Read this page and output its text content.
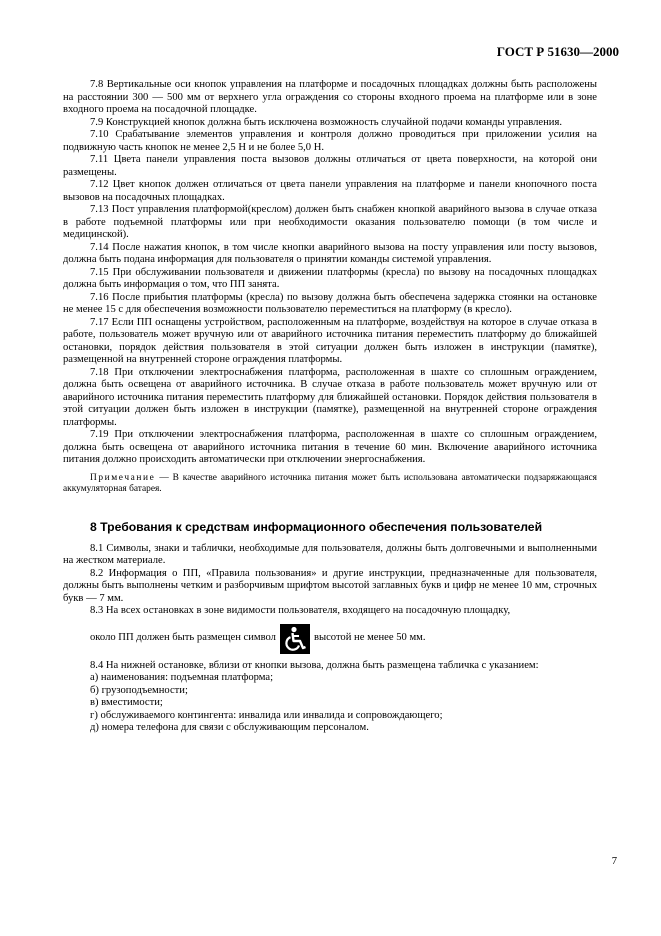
ГОСТ Р 51630—2000

7.8 Вертикальные оси кнопок управления на платформе и посадочных площадках должны быть расположены на расстоянии 300 — 500 мм от верхнего угла ограждения со стороны входного проема на платформе или в зоне входного проема на посадочной площадке.

7.9 Конструкцией кнопок должна быть исключена возможность случайной подачи команды управления.

7.10 Срабатывание элементов управления и контроля должно проводиться при приложении усилия на подвижную часть кнопок не менее 2,5 Н и не более 5,0 Н.

7.11 Цвета панели управления поста вызовов должны отличаться от цвета поверхности, на которой они размещены.

7.12 Цвет кнопок должен отличаться от цвета панели управления на платформе и панели кнопочного поста вызовов на посадочных площадках.

7.13 Пост управления платформой(креслом) должен быть снабжен кнопкой аварийного вызова в случае отказа в работе подъемной платформы или при необходимости оказания пользователю помощи (в том числе и медицинской).

7.14 После нажатия кнопок, в том числе кнопки аварийного вызова на посту управления или посту вызовов, должна быть подана информация для пользователя о принятии команды системой управления.

7.15 При обслуживании пользователя и движении платформы (кресла) по вызову на посадочных площадках должна быть информация о том, что ПП занята.

7.16 После прибытия платформы (кресла) по вызову должна быть обеспечена задержка стоянки на остановке не менее 15 с для обеспечения возможности пользователю переместиться на платформу (в кресло).

7.17 Если ПП оснащены устройством, расположенным на платформе, воздействуя на которое в случае отказа в работе, пользователь может вручную или от аварийного источника питания переместить платформу до ближайшей остановки, порядок действия пользователя в этой ситуации должен быть изложен в инструкции (памятке), размещенной на внутренней стороне ограждения платформы.

7.18 При отключении электроснабжения платформа, расположенная в шахте со сплошным ограждением, должна быть освещена от аварийного источника. В случае отказа в работе пользователь может вручную или от аварийного источника питания переместить платформу для ближайшей остановки. Порядок действия пользователя в этой ситуации должен быть изложен в инструкции (памятке), размещенной на внутренней стороне ограждения платформы.

7.19 При отключении электроснабжения платформа, расположенная в шахте со сплошным ограждением, должна быть освещена от аварийного источника питания в течение 60 мин. Включение аварийного источника питания должно происходить автоматически при отключении энергоснабжения.

Примечание — В качестве аварийного источника питания может быть использована автоматически подзаряжающаяся аккумуляторная батарея.

8 Требования к средствам информационного обеспечения пользователей

8.1 Символы, знаки и таблички, необходимые для пользователя, должны быть долговечными и выполненными на жестком материале.

8.2 Информация о ПП, «Правила пользования» и другие инструкции, предназначенные для пользователя, должны быть выполнены четким и разборчивым шрифтом высотой заглавных букв и цифр не менее 10 мм, строчных букв — 7 мм.

8.3 На всех остановках в зоне видимости пользователя, входящего на посадочную площадку,

около ПП должен быть размещен символ	высотой не менее 50 мм.

8.4 На нижней остановке, вблизи от кнопки вызова, должна быть размещена табличка с указанием:

а) наименования: подъемная платформа;

б) грузоподъемности;

в) вместимости;

г) обслуживаемого контингента: инвалида или инвалида и сопровождающего;

д) номера телефона для связи с обслуживающим персоналом.

7
